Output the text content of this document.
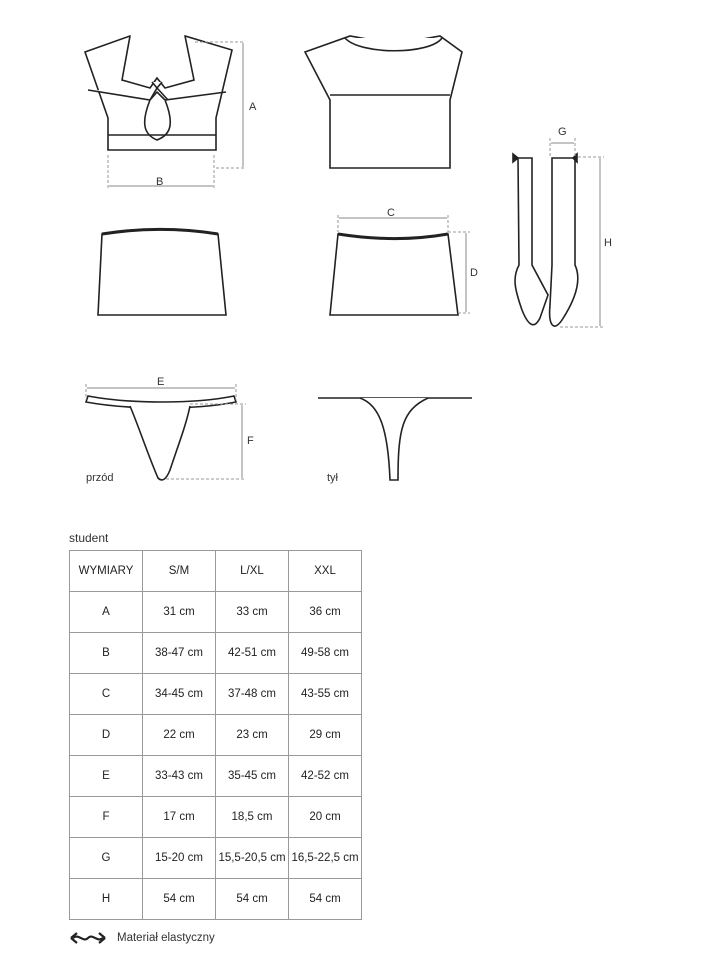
A
B
C
D
G
H
E
F
przód	tył
student
WYMIARY	S/M	L/XL	XXL
A	31 cm	33 cm	36 cm
B	38-47 cm	42-51 cm	49-58 cm
C	34-45 cm	37-48 cm	43-55 cm
D	22 cm	23 cm	29 cm
E	33-43 cm	35-45 cm	42-52 cm
F	17 cm	18,5 cm	20 cm
G	15-20 cm	15,5-20,5 cm	16,5-22,5 cm
H	54 cm	54 cm	54 cm
Materiał elastyczny
